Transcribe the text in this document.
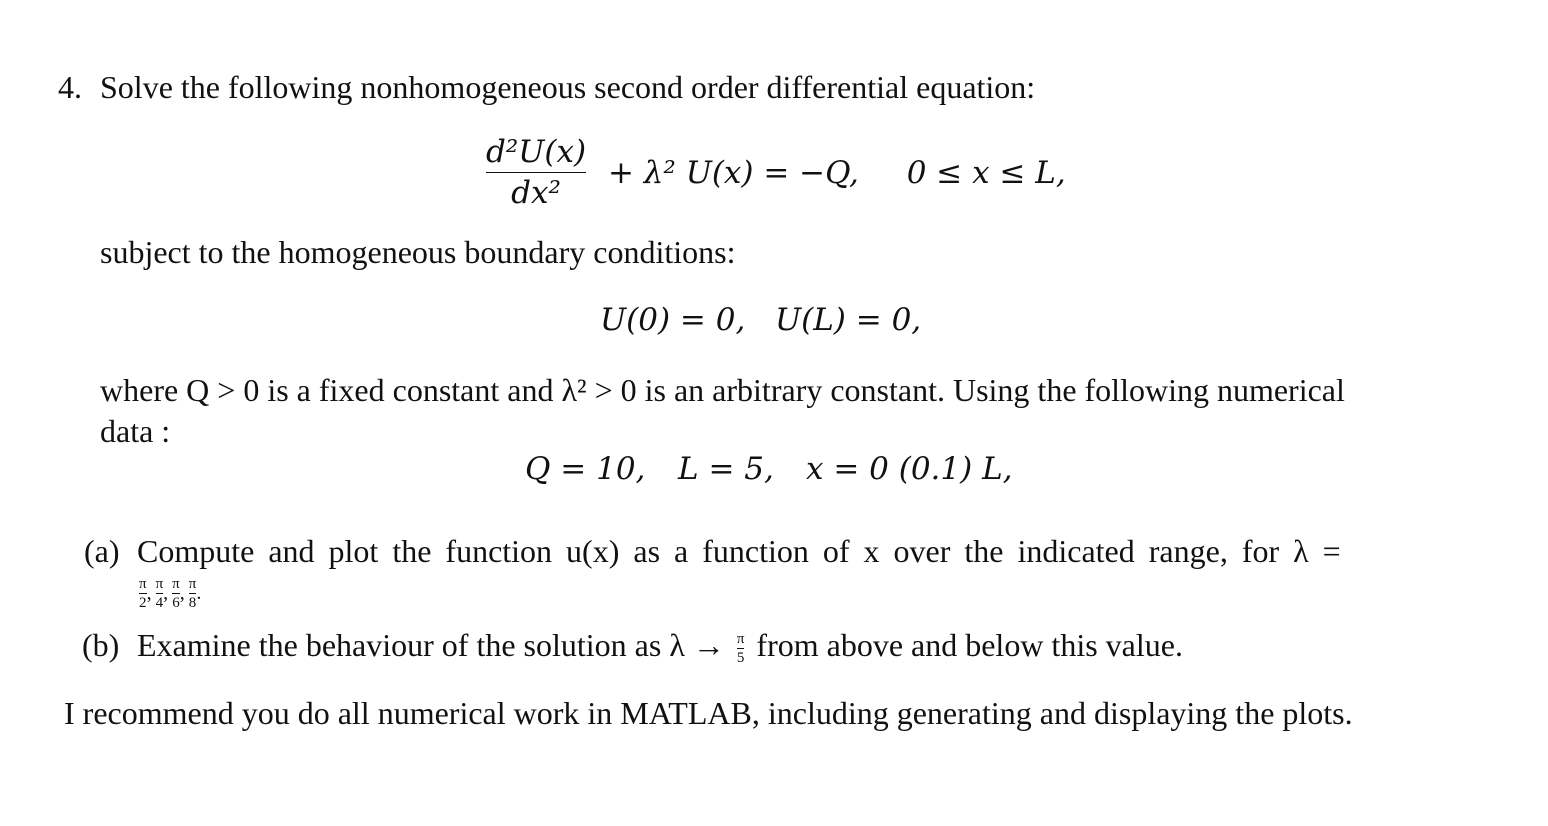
4. Solve the following nonhomogeneous second order differential equation:
$\frac{\text{d²U(x)}}{\text{dx²}} + \lambda^2$ U(x) = −Q, 0 ≤ x ≤ L,
subject to the homogeneous boundary conditions:
U(0) = 0, U(L) = 0,
where Q > 0 is a fixed constant and λ² > 0 is an arbitrary constant. Using the following numerical
data :
Q = 10, L = 5, x = 0 (0.1) L,
(a) Compute and plot the function u(x) as a function of x over the indicated range, for λ =
$\frac{\pi}{2}$ , $\frac{\pi}{4}$ , $\frac{\pi}{6}$ , $\frac{\pi}{8}$ .
(b) Examine the behaviour of the solution as $\lambda \to \frac{\pi}{5}$ from above and below this value.
I recommend you do all numerical work in MATLAB, including generating and displaying the plots.
